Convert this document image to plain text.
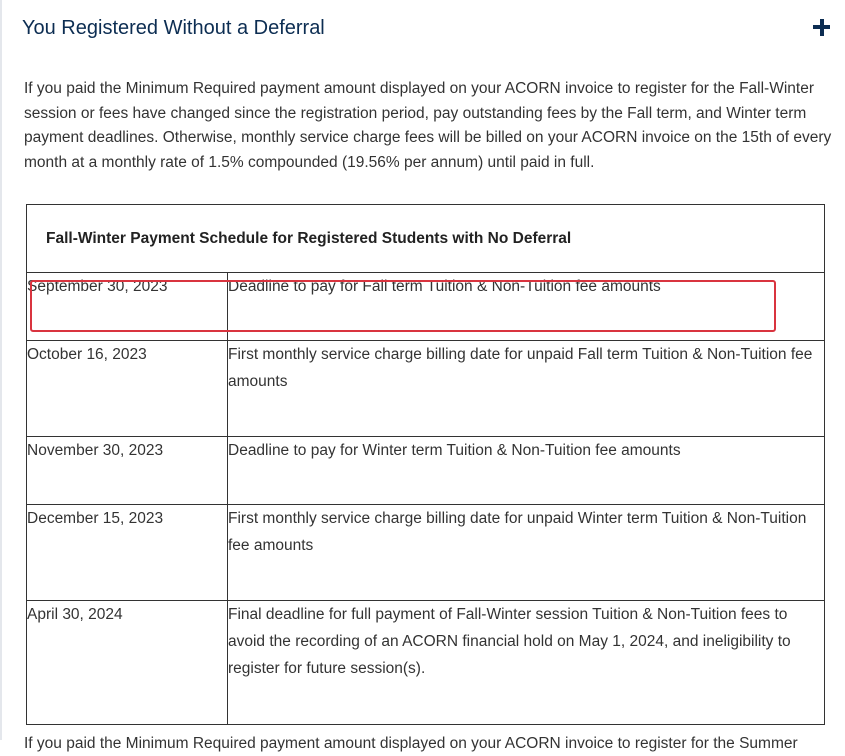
You Registered Without a Deferral

If you paid the Minimum Required payment amount displayed on your ACORN invoice to register for the Fall-Winter session or fees have changed since the registration period, pay outstanding fees by the Fall term, and Winter term payment deadlines. Otherwise, monthly service charge fees will be billed on your ACORN invoice on the 15th of every month at a monthly rate of 1.5% compounded (19.56% per annum) until paid in full.

Fall-Winter Payment Schedule for Registered Students with No Deferral	
September 30, 2023	Deadline to pay for Fall term Tuition & Non-Tuition fee amounts
October 16, 2023	First monthly service charge billing date for unpaid Fall term Tuition & Non-Tuition fee amounts
November 30, 2023	Deadline to pay for Winter term Tuition & Non-Tuition fee amounts
December 15, 2023	First monthly service charge billing date for unpaid Winter term Tuition & Non-Tuition fee amounts
April 30, 2024	Final deadline for full payment of Fall-Winter session Tuition & Non-Tuition fees to avoid the recording of an ACORN financial hold on May 1, 2024, and ineligibility to register for future session(s).

If you paid the Minimum Required payment amount displayed on your ACORN invoice to register for the Summer
